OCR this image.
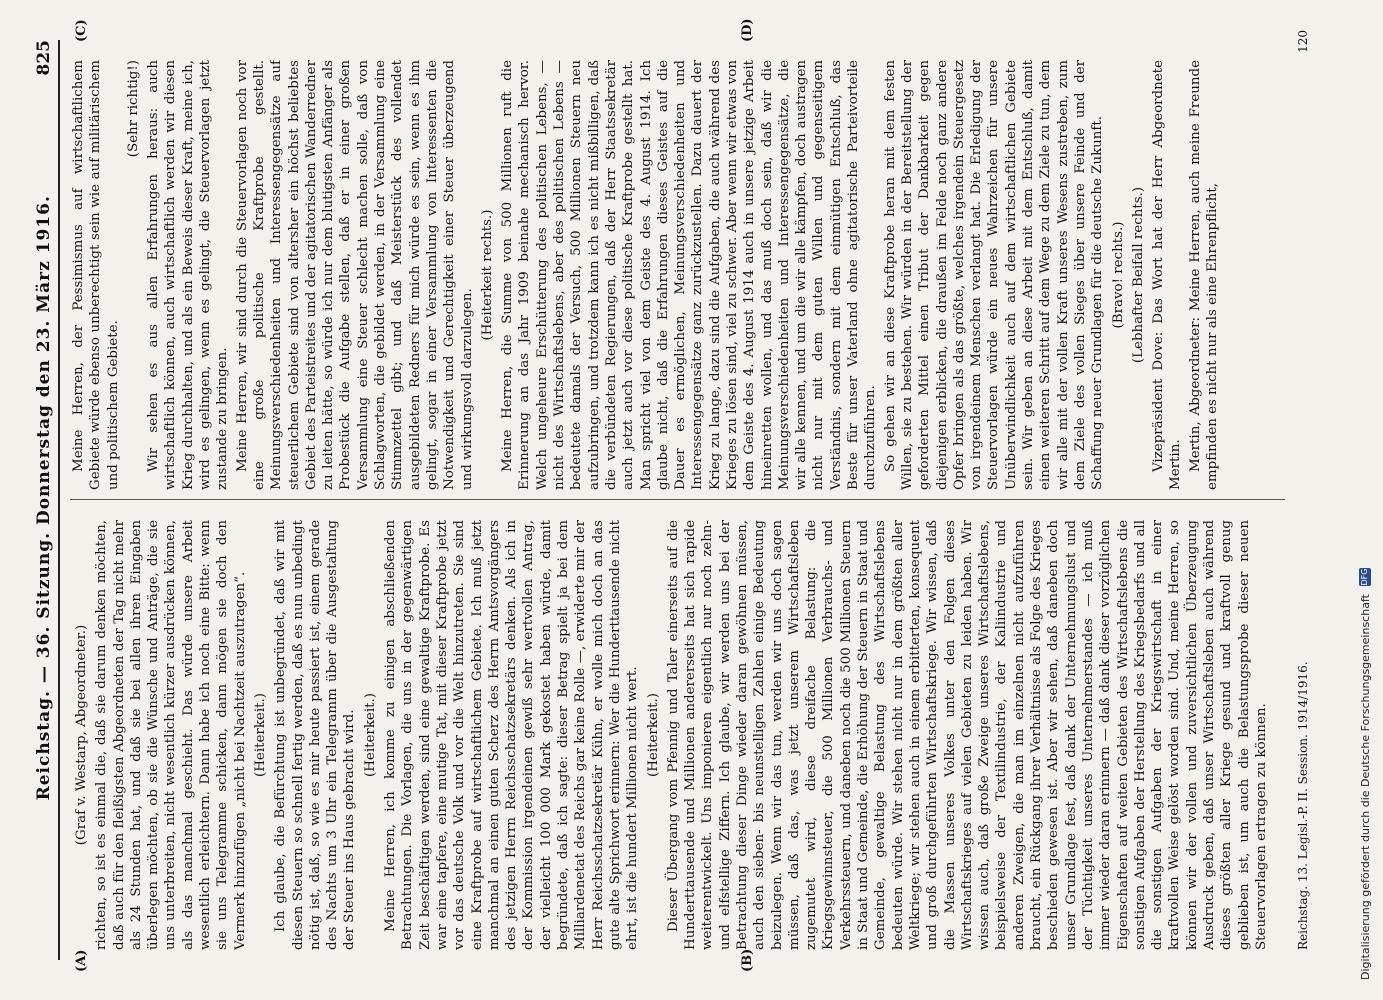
Reichstag. — 36. Sitzung. Donnerstag den 23. März 1916.
825
(A)	(B)
(C)	(D)

(Graf v. Westarp, Abgeordneter.) richten, so ist es einmal die, daß sie darum denken möchten, daß auch für den fleißigsten Abgeordneten der Tag nicht mehr als 24 Stunden hat, und daß sie bei allen ihren Eingaben überlegen möchten, ob sie die Wünsche und Anträge, die sie uns unterbreiten, nicht wesentlich kürzer ausdrücken können, als das manchmal geschieht. Das würde unsere Arbeit wesentlich erleichtern. Dann habe ich noch eine Bitte: wenn sie uns Telegramme schicken, dann mögen sie doch den Vermerk hinzufügen „nicht bei Nachtzeit auszutragen“. (Heiterkeit.) Ich glaube, die Befürchtung ist unbegründet, daß wir mit diesen Steuern so schnell fertig werden, daß es nun unbedingt nötig ist, daß, so wie es mir heute passiert ist, einem gerade des Nachts um 3 Uhr ein Telegramm über die Ausgestaltung der Steuer ins Haus gebracht wird. (Heiterkeit.) Meine Herren, ich komme zu einigen abschließenden Betrachtungen. Die Vorlagen, die uns in der gegenwärtigen Zeit beschäftigen werden, sind eine gewaltige Kraftprobe. Es war eine tapfere, eine mutige Tat, mit dieser Kraftprobe jetzt vor das deutsche Volk und vor die Welt hinzutreten. Sie sind eine Kraftprobe auf wirtschaftlichem Gebiete. Ich muß jetzt manchmal an einen guten Scherz des Herrn Amtsvorgängers des jetzigen Herrn Reichsschatzsekretärs denken. Als ich in der Kommission irgendeinen gewiß sehr wertvollen Antrag, der vielleicht 100 000 Mark gekostet haben würde, damit begründete, daß ich sagte: dieser Betrag spielt ja bei dem Milliardenetat des Reichs gar keine Rolle —, erwiderte mir der Herr Reichsschatzsekretär Kühn, er wolle mich doch an das gute alte Sprichwort erinnern: Wer die Hunderttausende nicht ehrt, ist die hundert Millionen nicht wert. (Heiterkeit.) Dieser Übergang vom Pfennig und Taler einerseits auf die Hunderttausende und Millionen andererseits hat sich rapide weiterentwickelt. Uns imponieren eigentlich nur noch zehn- und elfstellige Ziffern. Ich glaube, wir werden uns bei der Betrachtung dieser Dinge wieder daran gewöhnen müssen, auch den sieben- bis neunstelligen Zahlen einige Bedeutung beizulegen. Wenn wir das tun, werden wir uns doch sagen müssen, daß das, was jetzt unserem Wirtschaftsleben zugemutet wird, diese dreifache Belastung: die Kriegsgewinnsteuer, die 500 Millionen Verbrauchs- und Verkehrssteuern, und daneben noch die 500 Millionen Steuern in Staat und Gemeinde, die Erhöhung der Steuern in Staat und Gemeinde, gewaltige Belastung des Wirtschaftslebens bedeuten würde. Wir stehen nicht nur in dem größten aller Weltkriege; wir stehen auch in einem erbitterten, konsequent und groß durchgeführten Wirtschaftskriege. Wir wissen, daß die Massen unseres Volkes unter den Folgen dieses Wirtschaftskrieges auf vielen Gebieten zu leiden haben. Wir wissen auch, daß große Zweige unseres Wirtschaftslebens, beispielsweise der Textilindustrie, der Kaliindustrie und anderen Zweigen, die man im einzelnen nicht aufzuführen braucht, ein Rückgang ihrer Verhältnisse als Folge des Krieges beschieden gewesen ist. Aber wir sehen, daß daneben doch unser Grundlage fest, daß dank der Unternehmungslust und der Tüchtigkeit unseres Unternehmerstandes — ich muß immer wieder daran erinnern — daß dank dieser vorzüglichen Eigenschaften auf weiten Gebieten des Wirtschaftslebens die sonstigen Aufgaben der Herstellung des Kriegsbedarfs und all die sonstigen Aufgaben der Kriegswirtschaft in einer kraftvollen Weise gelöst worden sind. Und, meine Herren, so können wir der vollen und zuversichtlichen Überzeugung Ausdruck geben, daß unser Wirtschaftsleben auch während dieses größten aller Kriege gesund und kraftvoll genug geblieben ist, um auch die Belastungsprobe dieser neuen Steuervorlagen ertragen zu können.

Meine Herren, der Pessimismus auf wirtschaftlichem Gebiete würde ebenso unberechtigt sein wie auf militärischem und politischem Gebiete.

(Sehr richtig!) Wir sehen es aus allen Erfahrungen heraus: auch wirtschaftlich können, auch wirtschaftlich werden wir diesen Krieg durchhalten, und als ein Beweis dieser Kraft, meine ich, wird es gelingen, wenn es gelingt, die Steuervorlagen jetzt zustande zu bringen. Meine Herren, wir sind durch die Steuervorlagen noch vor eine große politische Kraftprobe gestellt. Meinungsverschiedenheiten und Interessengegensätze auf steuerlichem Gebiete sind von altersher ein höchst beliebtes Gebiet des Parteistreites und der agitatorischen Wanderredner zu leiten hätte, so würde ich nur dem blutigsten Anfänger als Probestück die Aufgabe stellen, daß er in einer großen Versammlung eine Steuer schlecht machen solle, daß von Schlagworten, die gebildet werden, in der Versammlung eine Stimmzettel gibt; und daß Meisterstück des vollendet ausgebildeten Redners für mich würde es sein, wenn es ihm gelingt, sogar in einer Versammlung von Interessenten die Notwendigkeit und Gerechtigkeit einer Steuer überzeugend und wirkungsvoll darzulegen.

(Heiterkeit rechts.) Meine Herren, die Summe von 500 Millionen ruft die Erinnerung an das Jahr 1909 beinahe mechanisch hervor. Welch ungeheure Erschütterung des politischen Lebens, — nicht des Wirtschaftslebens, aber des politischen Lebens — bedeutete damals der Versuch, 500 Millionen Steuern neu aufzubringen, und trotzdem kann ich es nicht mißbilligen, daß die verbündeten Regierungen, daß der Herr Staatssekretär auch jetzt auch vor diese politische Kraftprobe gestellt hat. Man spricht viel von dem Geiste des 4. August 1914. Ich glaube nicht, daß die Erfahrungen dieses Geistes auf die Dauer es ermöglichen, Meinungsverschiedenheiten und Interessengegensätze ganz zurückzustellen. Dazu dauert der Krieg zu lange, dazu sind die Aufgaben, die auch während des Krieges zu lösen sind, viel zu schwer. Aber wenn wir etwas von dem Geiste des 4. August 1914 auch in unsere jetzige Arbeit hineinretten wollen, und das muß doch sein, daß wir die Meinungsverschiedenheiten und Interessengegensätze, die wir alle kennen, und um die wir alle kämpfen, doch austragen nicht nur mit dem guten Willen und gegenseitigem Verständnis, sondern mit dem einmütigen Entschluß, das Beste für unser Vaterland ohne agitatorische Parteivorteile durchzuführen. So gehen wir an diese Kraftprobe heran mit dem festen Willen, sie zu bestehen. Wir würden in der Bereitstellung der geforderten Mittel einen Tribut der Dankbarkeit gegen diejenigen erblicken, die draußen im Felde noch ganz andere Opfer bringen als das größte, welches irgendein Steuergesetz von irgendeinem Menschen verlangt hat. Die Erledigung der Steuervorlagen würde ein neues Wahrzeichen für unsere Unüberwindlichkeit auch auf dem wirtschaftlichen Gebiete sein. Wir geben an diese Arbeit mit dem Entschluß, damit einen weiteren Schritt auf dem Wege zu dem Ziele zu tun, dem wir alle mit der vollen Kraft unseres Wesens zustreben, zum dem Ziele des vollen Sieges über unsere Feinde und der Schaffung neuer Grundlagen für die deutsche Zukunft. (Bravo! rechts.) (Lebhafter Beifall rechts.) Vizepräsident Dove: Das Wort hat der Herr Abgeordnete Mertin. Mertin, Abgeordneter: Meine Herren, auch meine Freunde empfinden es nicht nur als eine Ehrenpflicht,

Reichstag. 13. Legisl.-P. II. Session. 1914/1916.
120
Digitalisierung gefördert durch die Deutsche Forschungsgemeinschaft
DFG
